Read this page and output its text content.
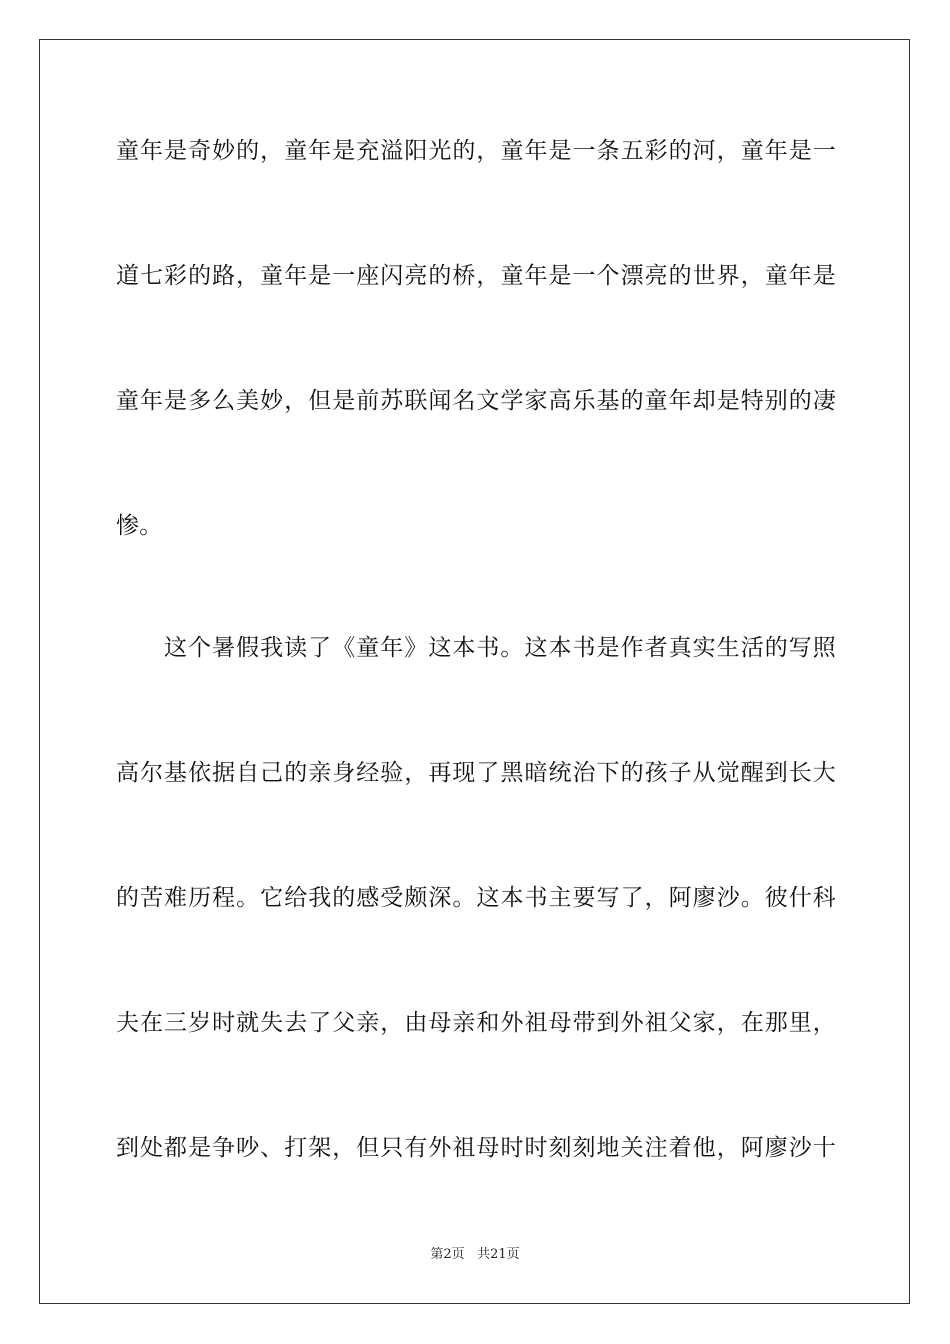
童年是奇妙的，童年是充溢阳光的，童年是一条五彩的河，童年是一
道七彩的路，童年是一座闪亮的桥，童年是一个漂亮的世界，童年是
童年是多么美妙，但是前苏联闻名文学家高乐基的童年却是特别的凄
惨。
这个暑假我读了《童年》这本书。这本书是作者真实生活的写照
高尔基依据自己的亲身经验，再现了黑暗统治下的孩子从觉醒到长大
的苦难历程。它给我的感受颇深。这本书主要写了，阿廖沙。彼什科
夫在三岁时就失去了父亲，由母亲和外祖母带到外祖父家，在那里，
到处都是争吵、打架，但只有外祖母时时刻刻地关注着他，阿廖沙十
第2页 共21页
